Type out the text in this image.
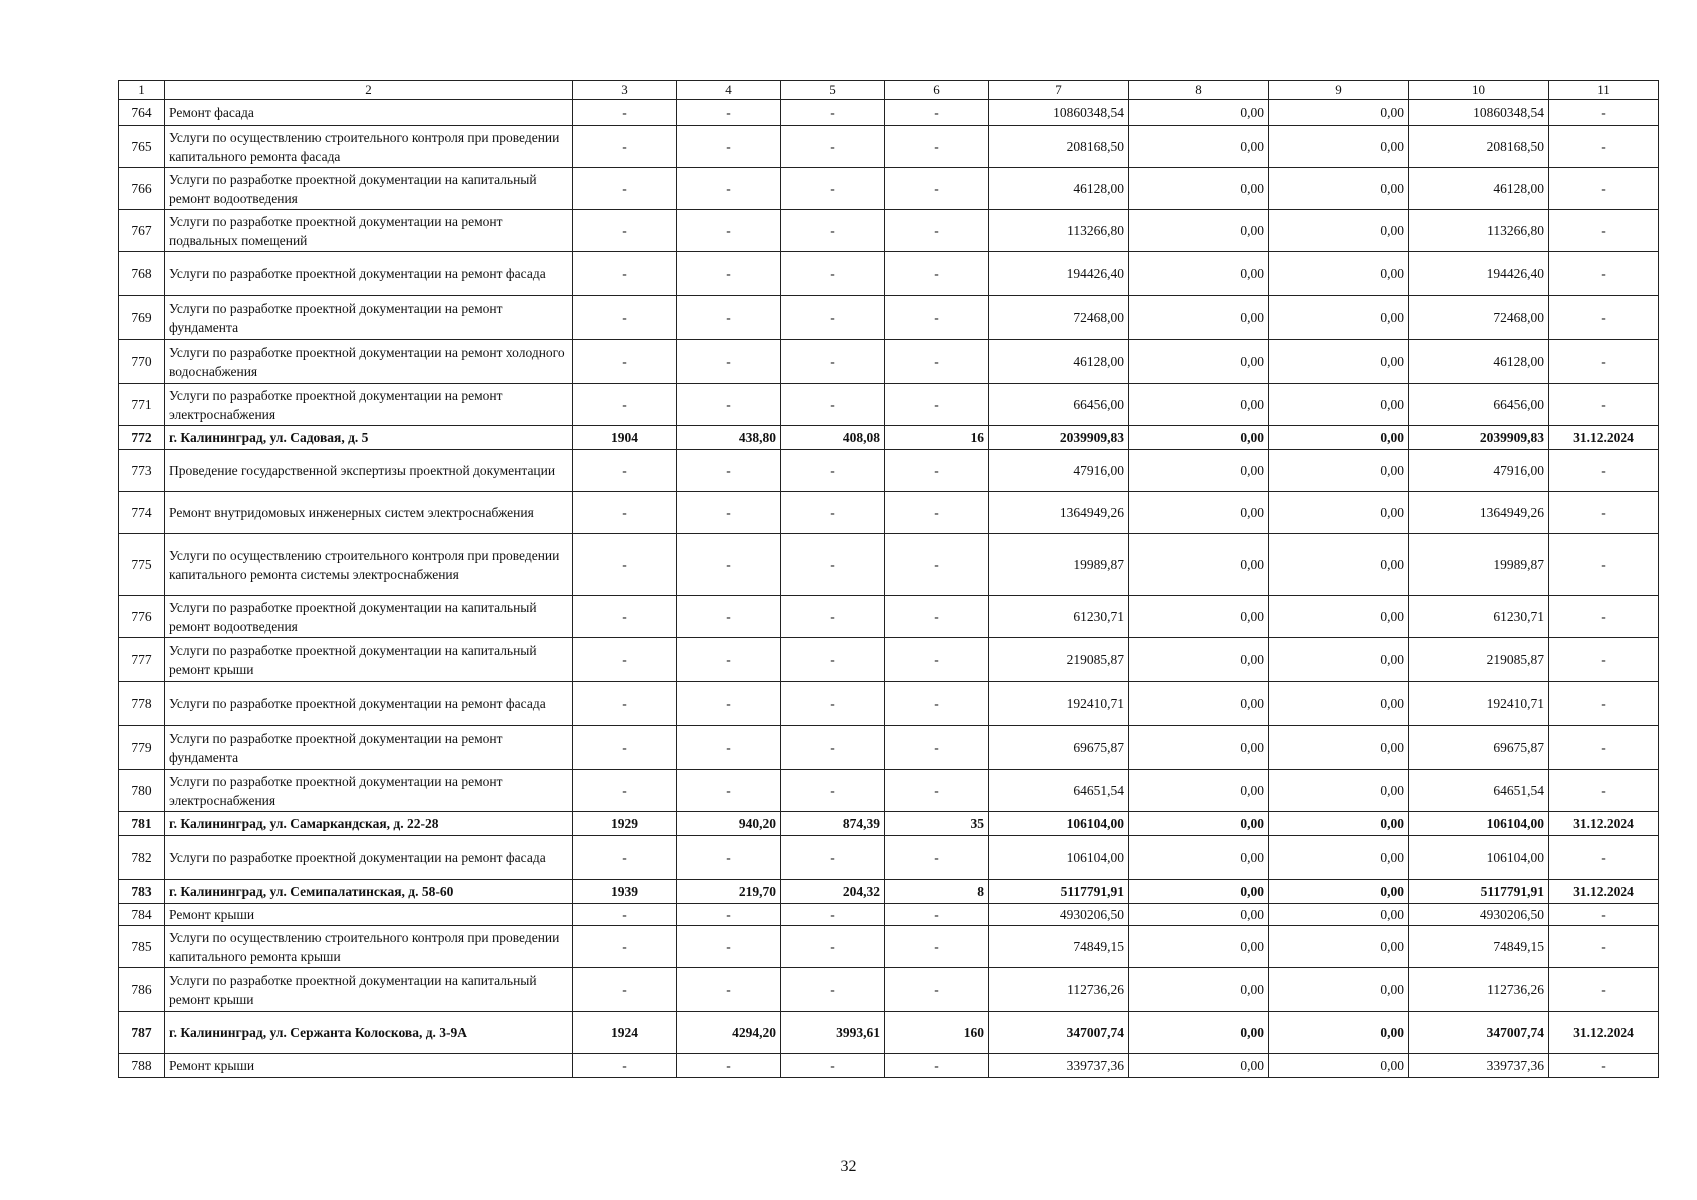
1	2	3	4	5	6	7	8	9	10	11
764	Ремонт фасада	-	-	-	-	10860348,54	0,00	0,00	10860348,54	-
765	Услуги по осуществлению строительного контроля при проведении капитального ремонта фасада	-	-	-	-	208168,50	0,00	0,00	208168,50	-
766	Услуги по разработке проектной документации на капитальный ремонт водоотведения	-	-	-	-	46128,00	0,00	0,00	46128,00	-
767	Услуги по разработке проектной документации на ремонт подвальных помещений	-	-	-	-	113266,80	0,00	0,00	113266,80	-
768	Услуги по разработке проектной документации на ремонт фасада	-	-	-	-	194426,40	0,00	0,00	194426,40	-
769	Услуги по разработке проектной документации на ремонт фундамента	-	-	-	-	72468,00	0,00	0,00	72468,00	-
770	Услуги по разработке проектной документации на ремонт холодного водоснабжения	-	-	-	-	46128,00	0,00	0,00	46128,00	-
771	Услуги по разработке проектной документации на ремонт электроснабжения	-	-	-	-	66456,00	0,00	0,00	66456,00	-
772	г. Калининград, ул. Садовая, д. 5	1904	438,80	408,08	16	2039909,83	0,00	0,00	2039909,83	31.12.2024
773	Проведение государственной экспертизы проектной документации	-	-	-	-	47916,00	0,00	0,00	47916,00	-
774	Ремонт внутридомовых инженерных систем электроснабжения	-	-	-	-	1364949,26	0,00	0,00	1364949,26	-
775	Услуги по осуществлению строительного контроля при проведении капитального ремонта системы электроснабжения	-	-	-	-	19989,87	0,00	0,00	19989,87	-
776	Услуги по разработке проектной документации на капитальный ремонт водоотведения	-	-	-	-	61230,71	0,00	0,00	61230,71	-
777	Услуги по разработке проектной документации на капитальный ремонт крыши	-	-	-	-	219085,87	0,00	0,00	219085,87	-
778	Услуги по разработке проектной документации на ремонт фасада	-	-	-	-	192410,71	0,00	0,00	192410,71	-
779	Услуги по разработке проектной документации на ремонт фундамента	-	-	-	-	69675,87	0,00	0,00	69675,87	-
780	Услуги по разработке проектной документации на ремонт электроснабжения	-	-	-	-	64651,54	0,00	0,00	64651,54	-
781	г. Калининград, ул. Самаркандская, д. 22-28	1929	940,20	874,39	35	106104,00	0,00	0,00	106104,00	31.12.2024
782	Услуги по разработке проектной документации на ремонт фасада	-	-	-	-	106104,00	0,00	0,00	106104,00	-
783	г. Калининград, ул. Семипалатинская, д. 58-60	1939	219,70	204,32	8	5117791,91	0,00	0,00	5117791,91	31.12.2024
784	Ремонт крыши	-	-	-	-	4930206,50	0,00	0,00	4930206,50	-
785	Услуги по осуществлению строительного контроля при проведении капитального ремонта крыши	-	-	-	-	74849,15	0,00	0,00	74849,15	-
786	Услуги по разработке проектной документации на капитальный ремонт крыши	-	-	-	-	112736,26	0,00	0,00	112736,26	-
787	г. Калининград, ул. Сержанта Колоскова, д. 3-9А	1924	4294,20	3993,61	160	347007,74	0,00	0,00	347007,74	31.12.2024
788	Ремонт крыши	-	-	-	-	339737,36	0,00	0,00	339737,36	-
32
